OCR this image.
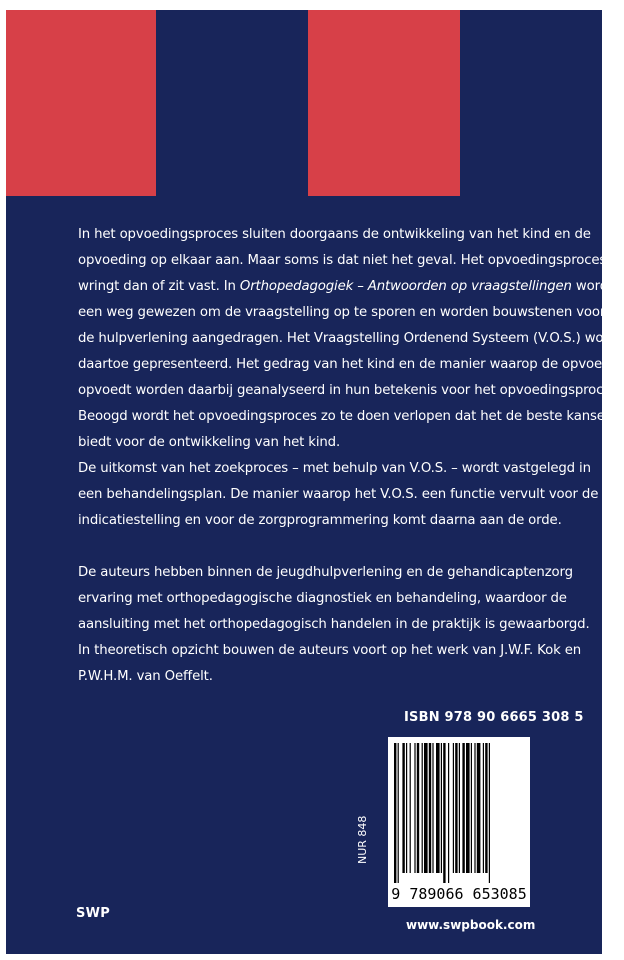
In het opvoedingsproces sluiten doorgaans de ontwikkeling van het kind en de
opvoeding op elkaar aan. Maar soms is dat niet het geval. Het opvoedingsproces
wringt dan of zit vast. In Orthopedagogiek – Antwoorden op vraagstellingen wordt
een weg gewezen om de vraagstelling op te sporen en worden bouwstenen voor
de hulpverlening aangedragen. Het Vraagstelling Ordenend Systeem (V.O.S.) wordt
daartoe gepresenteerd. Het gedrag van het kind en de manier waarop de opvoeder
opvoedt worden daarbij geanalyseerd in hun betekenis voor het opvoedingsproces.
Beoogd wordt het opvoedingsproces zo te doen verlopen dat het de beste kansen
biedt voor de ontwikkeling van het kind.
De uitkomst van het zoekproces – met behulp van V.O.S. – wordt vastgelegd in
een behandelingsplan. De manier waarop het V.O.S. een functie vervult voor de
indicatiestelling en voor de zorgprogrammering komt daarna aan de orde.
De auteurs hebben binnen de jeugdhulpverlening en de gehandicaptenzorg
ervaring met orthopedagogische diagnostiek en behandeling, waardoor de
aansluiting met het orthopedagogisch handelen in de praktijk is gewaarborgd.
In theoretisch opzicht bouwen de auteurs voort op het werk van J.W.F. Kok en
P.W.H.M. van Oeffelt.
ISBN 978 90 6665 308 5
9 789066 653085
NUR 848
www.swpbook.com
SWP
